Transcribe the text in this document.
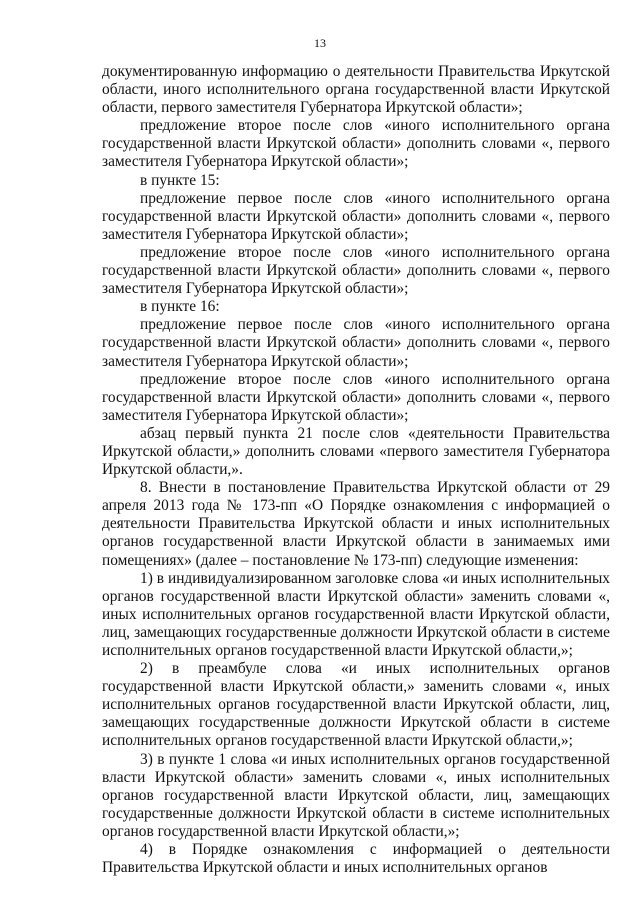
13

документированную информацию о деятельности Правительства Иркутской области, иного исполнительного органа государственной власти Иркутской области, первого заместителя Губернатора Иркутской области»;

предложение второе после слов «иного исполнительного органа государственной власти Иркутской области» дополнить словами «, первого заместителя Губернатора Иркутской области»;

в пункте 15:

предложение первое после слов «иного исполнительного органа государственной власти Иркутской области» дополнить словами «, первого заместителя Губернатора Иркутской области»;

предложение второе после слов «иного исполнительного органа государственной власти Иркутской области» дополнить словами «, первого заместителя Губернатора Иркутской области»;

в пункте 16:

предложение первое после слов «иного исполнительного органа государственной власти Иркутской области» дополнить словами «, первого заместителя Губернатора Иркутской области»;

предложение второе после слов «иного исполнительного органа государственной власти Иркутской области» дополнить словами «, первого заместителя Губернатора Иркутской области»;

абзац первый пункта 21 после слов «деятельности Правительства Иркутской области,» дополнить словами «первого заместителя Губернатора Иркутской области,».

8. Внести в постановление Правительства Иркутской области от 29 апреля 2013 года № 173-пп «О Порядке ознакомления с информацией о деятельности Правительства Иркутской области и иных исполнительных органов государственной власти Иркутской области в занимаемых ими помещениях» (далее – постановление № 173-пп) следующие изменения:

1) в индивидуализированном заголовке слова «и иных исполнительных органов государственной власти Иркутской области» заменить словами «, иных исполнительных органов государственной власти Иркутской области, лиц, замещающих государственные должности Иркутской области в системе исполнительных органов государственной власти Иркутской области,»;

2) в преамбуле слова «и иных исполнительных органов государственной власти Иркутской области,» заменить словами «, иных исполнительных органов государственной власти Иркутской области, лиц, замещающих государственные должности Иркутской области в системе исполнительных органов государственной власти Иркутской области,»;

3) в пункте 1 слова «и иных исполнительных органов государственной власти Иркутской области» заменить словами «, иных исполнительных органов государственной власти Иркутской области, лиц, замещающих государственные должности Иркутской области в системе исполнительных органов государственной власти Иркутской области,»;

4) в Порядке ознакомления с информацией о деятельности Правительства Иркутской области и иных исполнительных органов
